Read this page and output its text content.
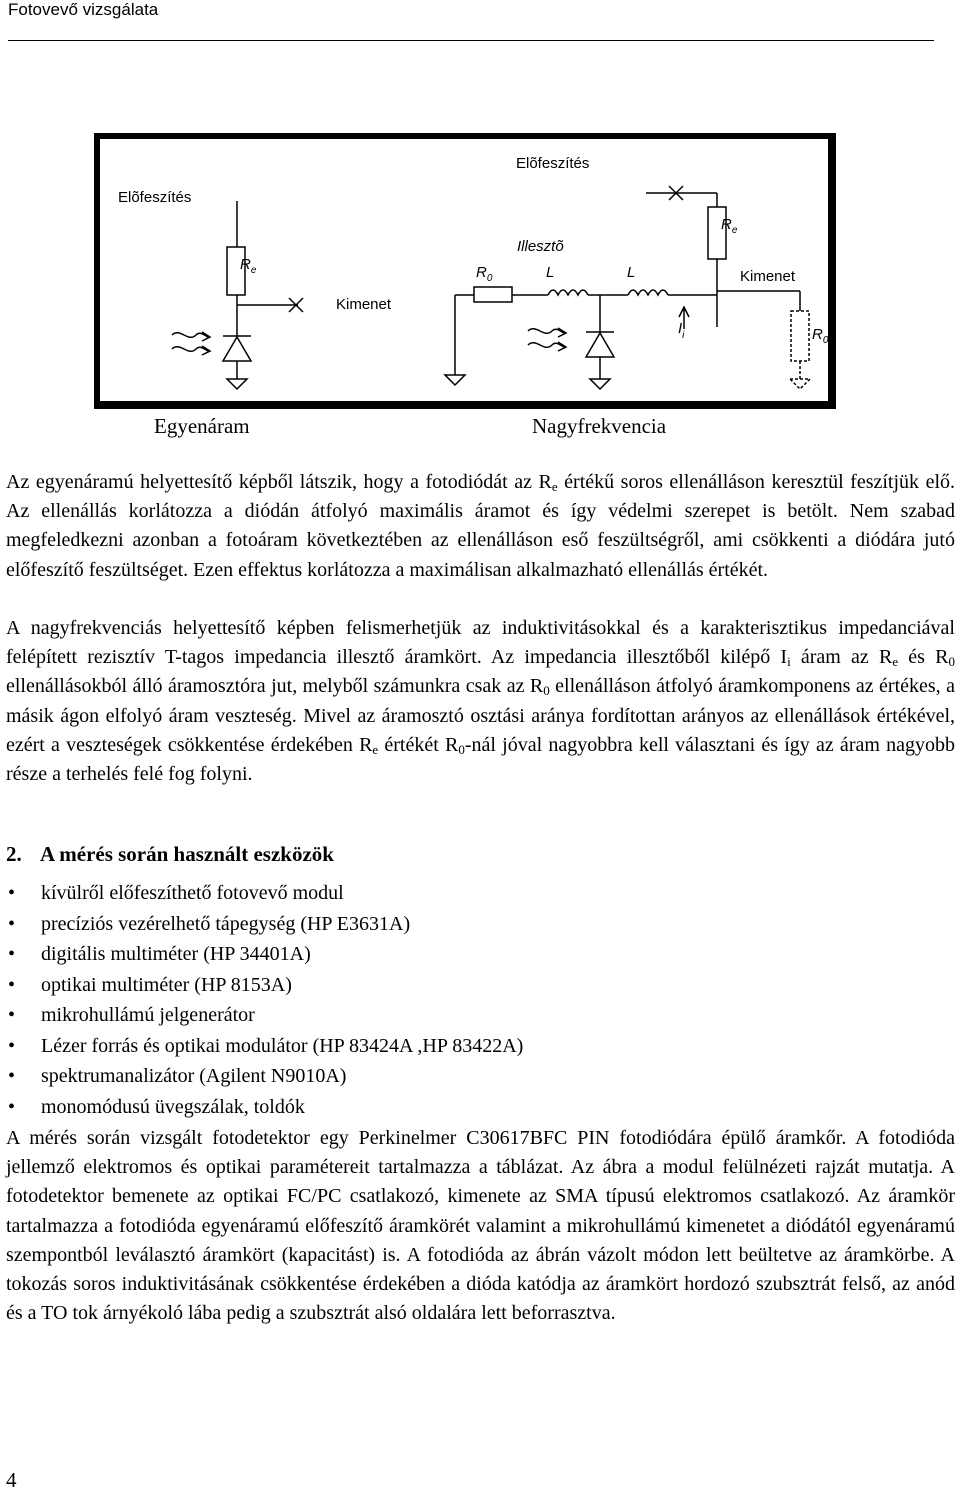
Fotovevő vizsgálata
Elõfeszítés
$R_e$
Kimenet
Elõfeszítés
Illesztõ
$R_0$	L	L
$R_e$
Kimenet
$I_i$	$R_0$
Egyenáram	Nagyfrekvencia

Az egyenáramú helyettesítő képből látszik, hogy a fotodiódát az $R_e$ értékű soros ellenálláson keresztül feszítjük elő. Az ellenállás korlátozza a diódán átfolyó maximális áramot és így védelmi szerepet is betölt. Nem szabad megfeledkezni azonban a fotoáram következtében az ellenálláson eső feszültségről, ami csökkenti a diódára jutó előfeszítő feszültséget. Ezen effektus korlátozza a maximálisan alkalmazható ellenállás értékét.

A nagyfrekvenciás helyettesítő képben felismerhetjük az induktivitásokkal és a karakterisztikus impedanciával felépített rezisztív T-tagos impedancia illesztő áramkört. Az impedancia illesztőből kilépő $I_i$ áram az $R_e$ és $R_0$ ellenállásokból álló áramosztóra jut, melyből számunkra csak az $R_0$ ellenálláson átfolyó áramkomponens az értékes, a másik ágon elfolyó áram veszteség. Mivel az áramosztó osztási aránya fordítottan arányos az ellenállások értékével, ezért a veszteségek csökkentése érdekében $R_e$ értékét $R_0$-nál jóval nagyobbra kell választani és így az áram nagyobb része a terhelés felé fog folyni.

2. A mérés során használt eszközök
• kívülről előfeszíthető fotovevő modul
• precíziós vezérelhető tápegység (HP E3631A)
• digitális multiméter (HP 34401A)
• optikai multiméter (HP 8153A)
• mikrohullámú jelgenerátor
• Lézer forrás és optikai modulátor (HP 83424A ,HP 83422A)
• spektrumanalizátor (Agilent N9010A)
• monomódusú üvegszálak, toldók

A mérés során vizsgált fotodetektor egy Perkinelmer C30617BFC PIN fotodiódára épülő áramkőr. A fotodióda jellemző elektromos és optikai paramétereit tartalmazza a táblázat. Az ábra a modul felülnézeti rajzát mutatja. A fotodetektor bemenete az optikai FC/PC csatlakozó, kimenete az SMA típusú elektromos csatlakozó. Az áramkör tartalmazza a fotodióda egyenáramú előfeszítő áramkörét valamint a mikrohullámú kimenetet a diódától egyenáramú szempontból leválasztó áramkört (kapacitást) is. A fotodióda az ábrán vázolt módon lett beültetve az áramkörbe. A tokozás soros induktivitásának csökkentése érdekében a dióda katódja az áramkört hordozó szubsztrát felső, az anód és a TO tok árnyékoló lába pedig a szubsztrát alsó oldalára lett beforrasztva.

4
